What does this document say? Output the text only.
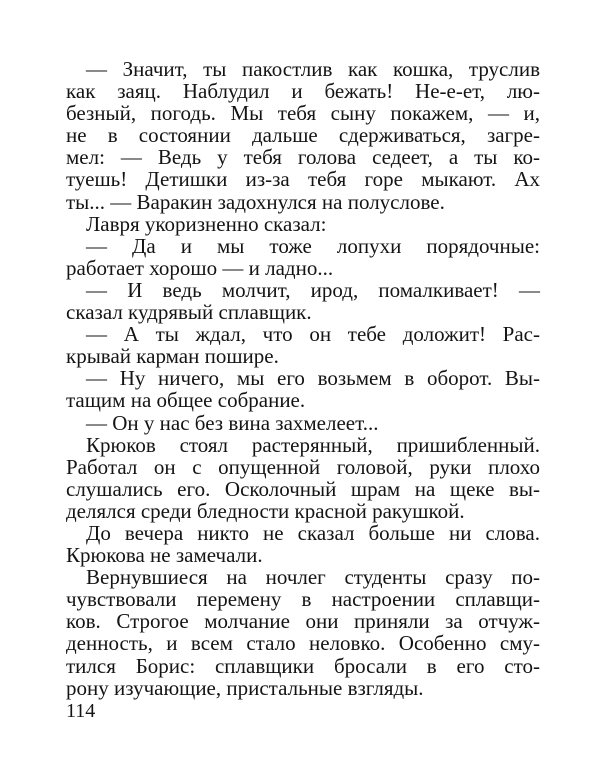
— Значит, ты пакостлив как кошка, труслив
как заяц. Наблудил и бежать! Не-е-ет, лю-
безный, погодь. Мы тебя сыну покажем, — и,
не в состоянии дальше сдерживаться, загре-
мел: — Ведь у тебя голова седеет, а ты ко-
туешь! Детишки из-за тебя горе мыкают. Ах
ты... — Варакин задохнулся на полуслове.
Лавря укоризненно сказал:
— Да и мы тоже лопухи порядочные:
работает хорошо — и ладно...
— И ведь молчит, ирод, помалкивает! —
сказал кудрявый сплавщик.
— А ты ждал, что он тебе доложит! Рас-
крывай карман пошире.
— Ну ничего, мы его возьмем в оборот. Вы-
тащим на общее собрание.
— Он у нас без вина захмелеет...
Крюков стоял растерянный, пришибленный.
Работал он с опущенной головой, руки плохо
слушались его. Осколочный шрам на щеке вы-
делялся среди бледности красной ракушкой.
До вечера никто не сказал больше ни слова.
Крюкова не замечали.
Вернувшиеся на ночлег студенты сразу по-
чувствовали перемену в настроении сплавщи-
ков. Строгое молчание они приняли за отчуж-
денность, и всем стало неловко. Особенно сму-
тился Борис: сплавщики бросали в его сто-
рону изучающие, пристальные взгляды.
114
